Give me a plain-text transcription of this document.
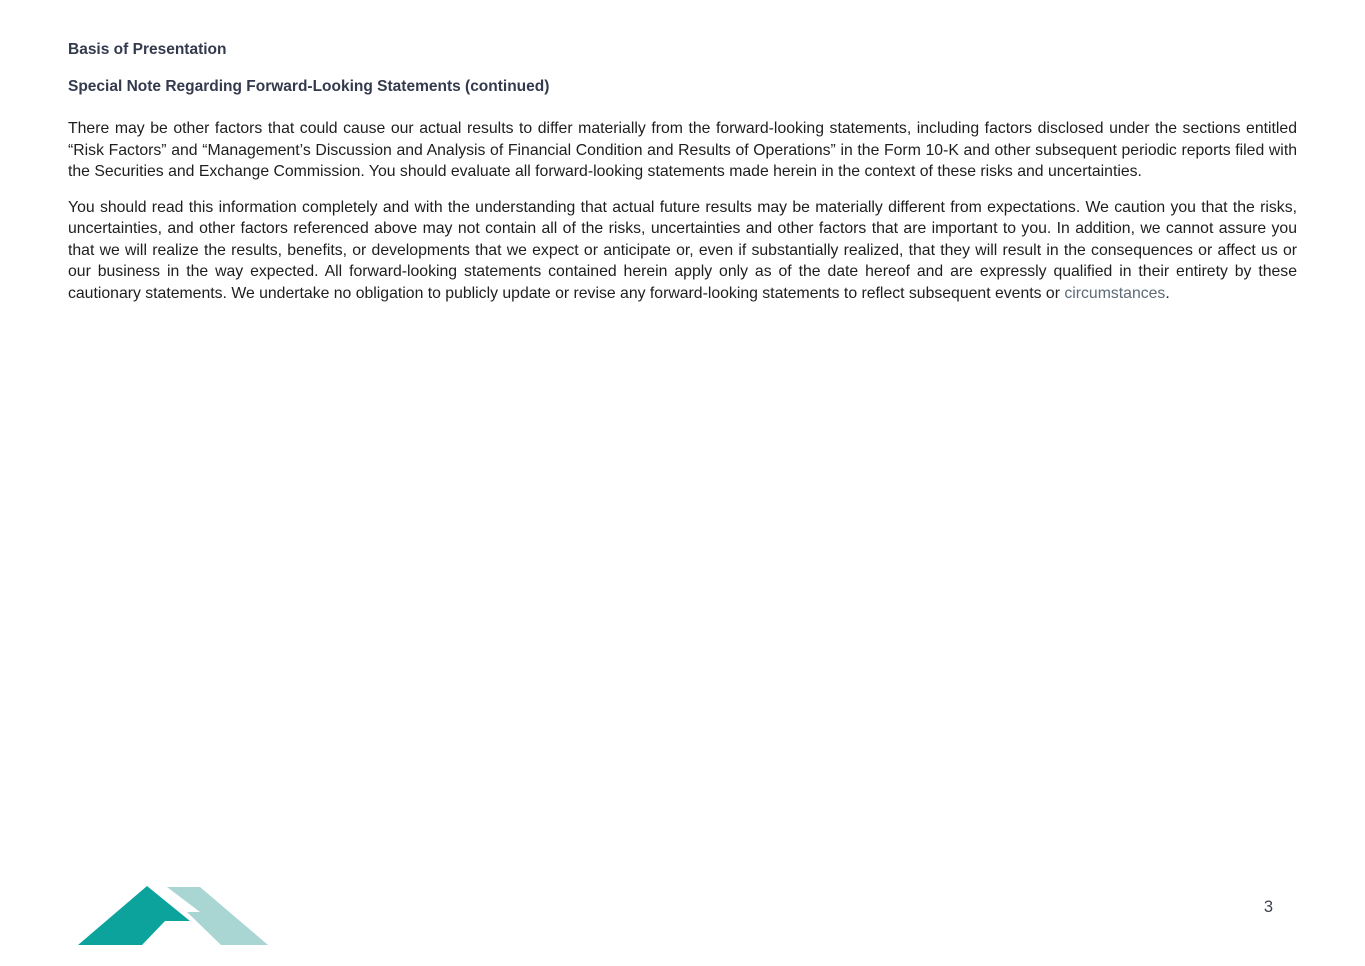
Basis of Presentation
Special Note Regarding Forward-Looking Statements (continued)

There may be other factors that could cause our actual results to differ materially from the forward-looking statements, including factors disclosed under the sections entitled “Risk Factors” and “Management’s Discussion and Analysis of Financial Condition and Results of Operations” in the Form 10-K and other subsequent periodic reports filed with the Securities and Exchange Commission. You should evaluate all forward-looking statements made herein in the context of these risks and uncertainties.

You should read this information completely and with the understanding that actual future results may be materially different from expectations. We caution you that the risks, uncertainties, and other factors referenced above may not contain all of the risks, uncertainties and other factors that are important to you. In addition, we cannot assure you that we will realize the results, benefits, or developments that we expect or anticipate or, even if substantially realized, that they will result in the consequences or affect us or our business in the way expected. All forward-looking statements contained herein apply only as of the date hereof and are expressly qualified in their entirety by these cautionary statements. We undertake no obligation to publicly update or revise any forward-looking statements to reflect subsequent events or circumstances.

3
